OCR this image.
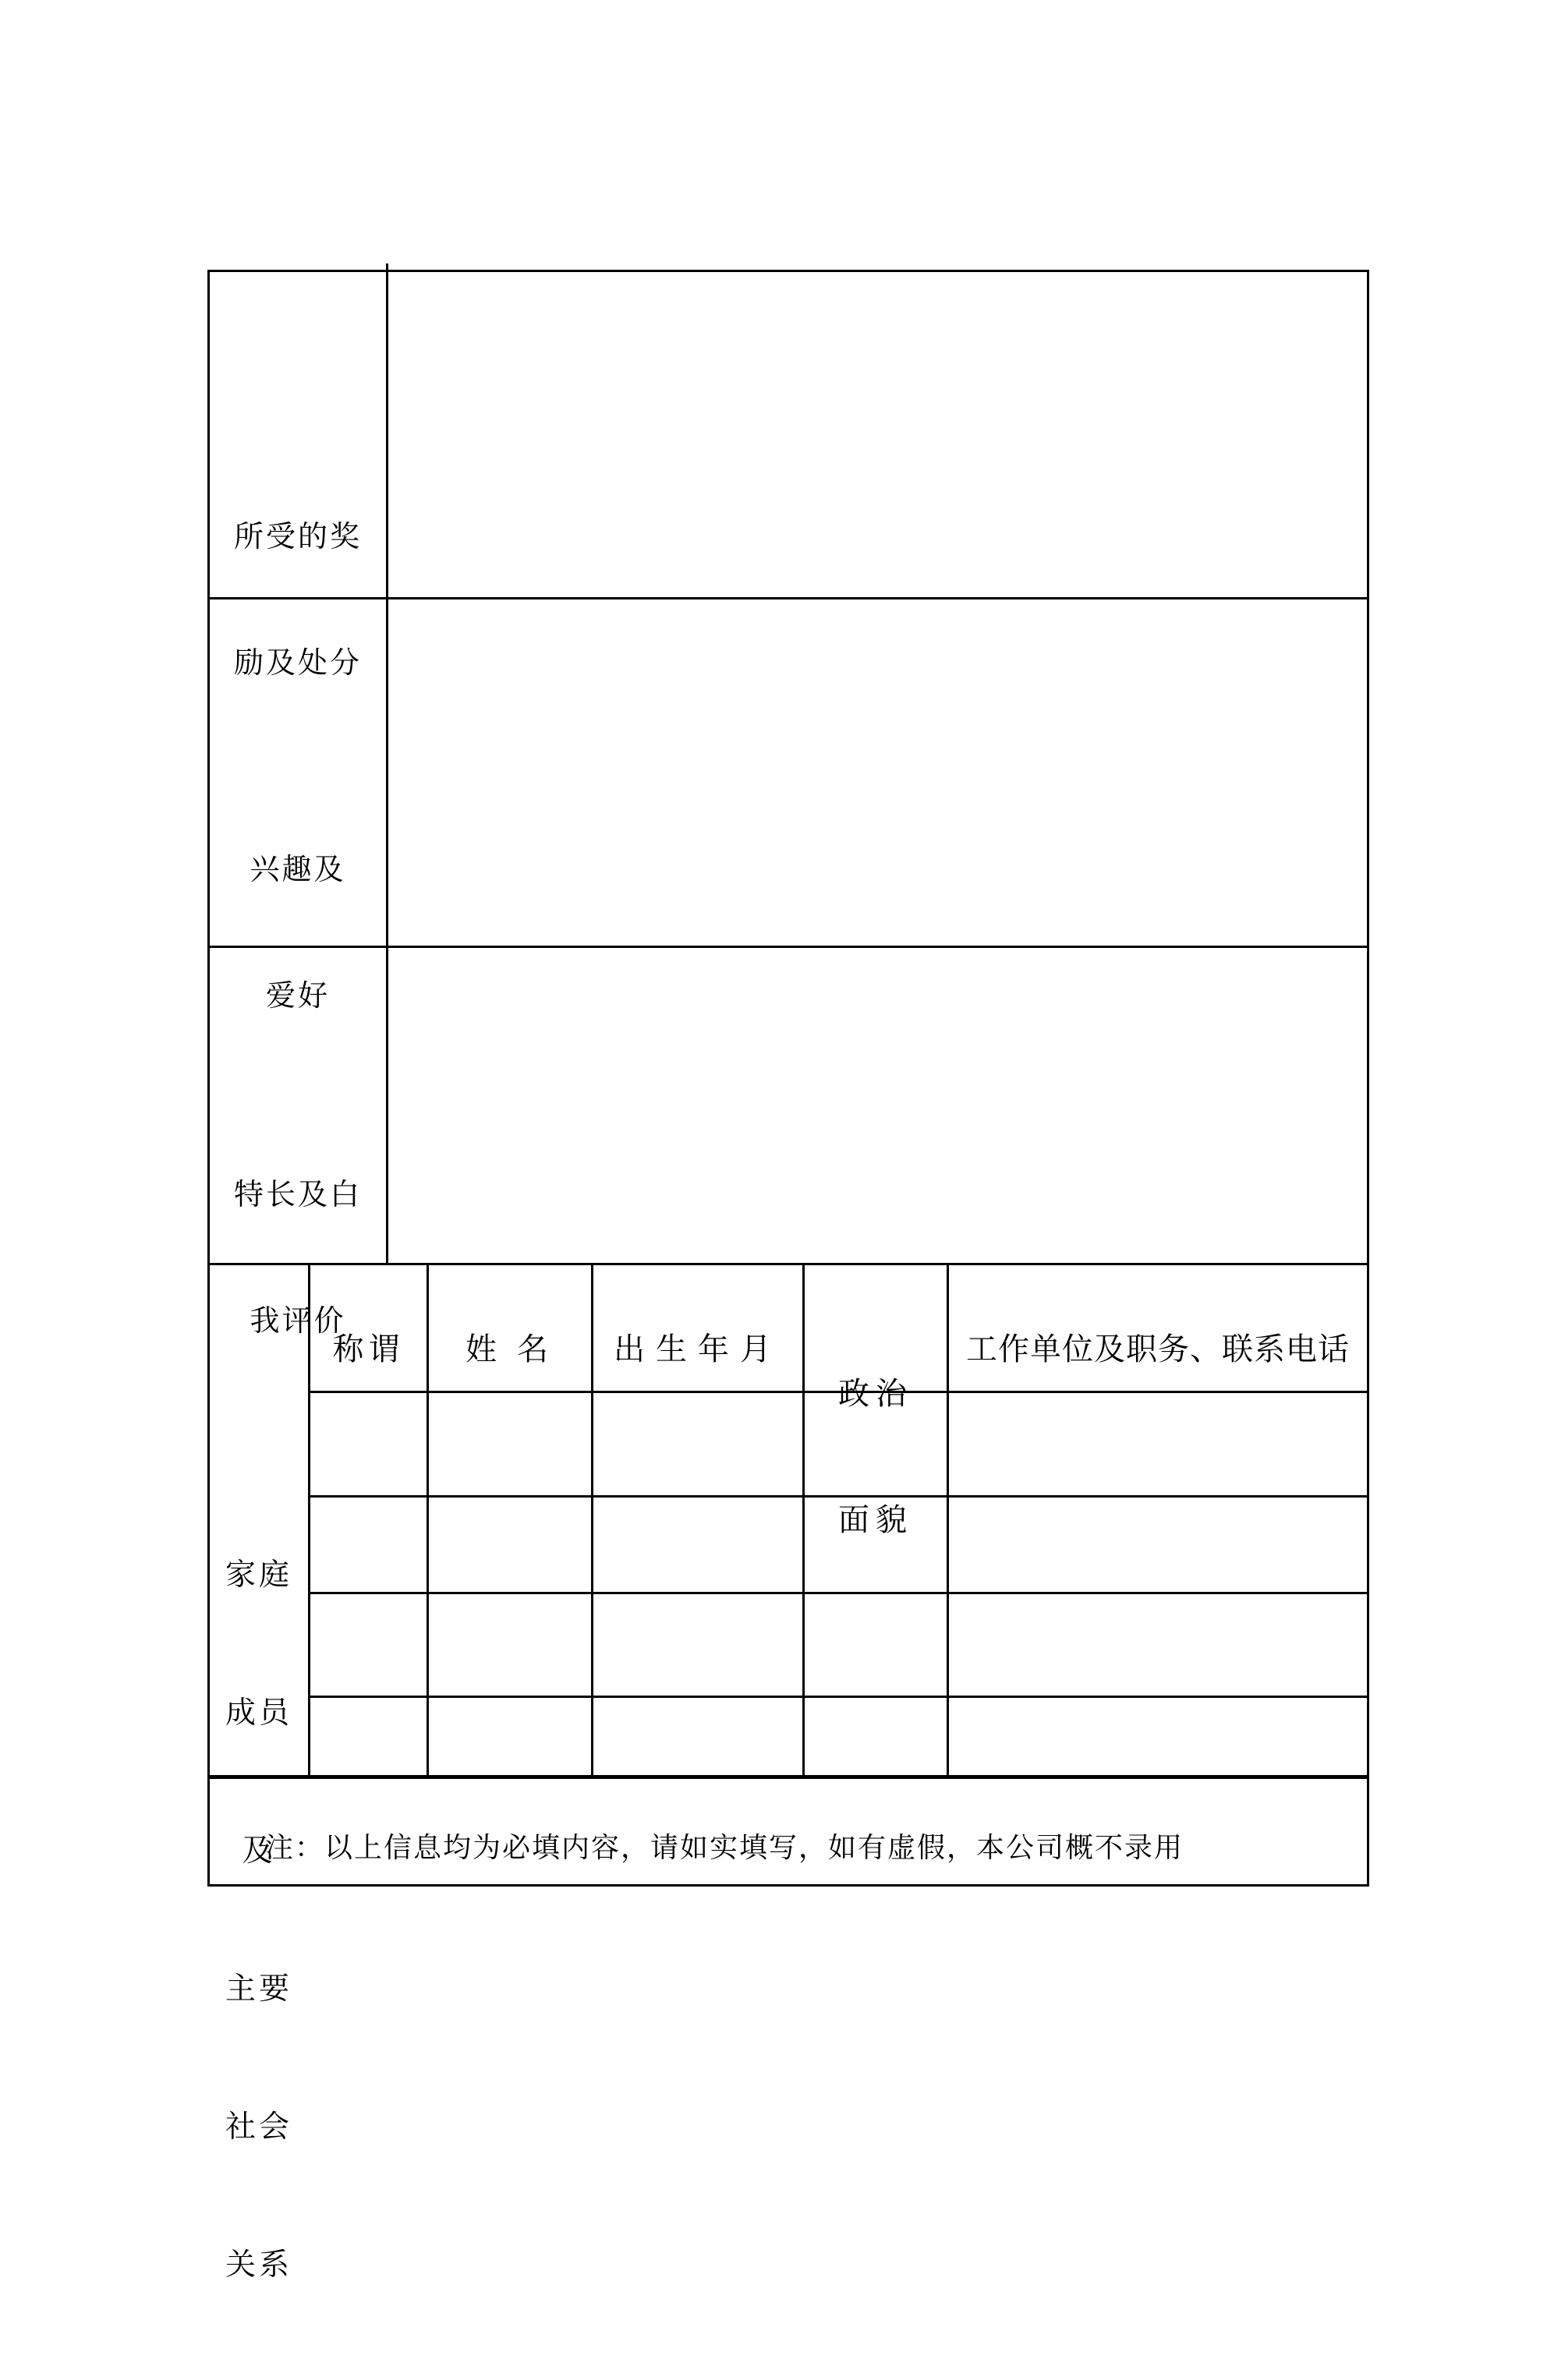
所受的奖

励及处分

兴趣及

爱好

特长及白

我评价

家庭

成员

及

主要

社会

关系

称谓	姓 名	出生年月

政治

面貌

工作单位及职务、联系电话
注：以上信息均为必填内容，请如实填写，如有虚假，本公司概不录用
